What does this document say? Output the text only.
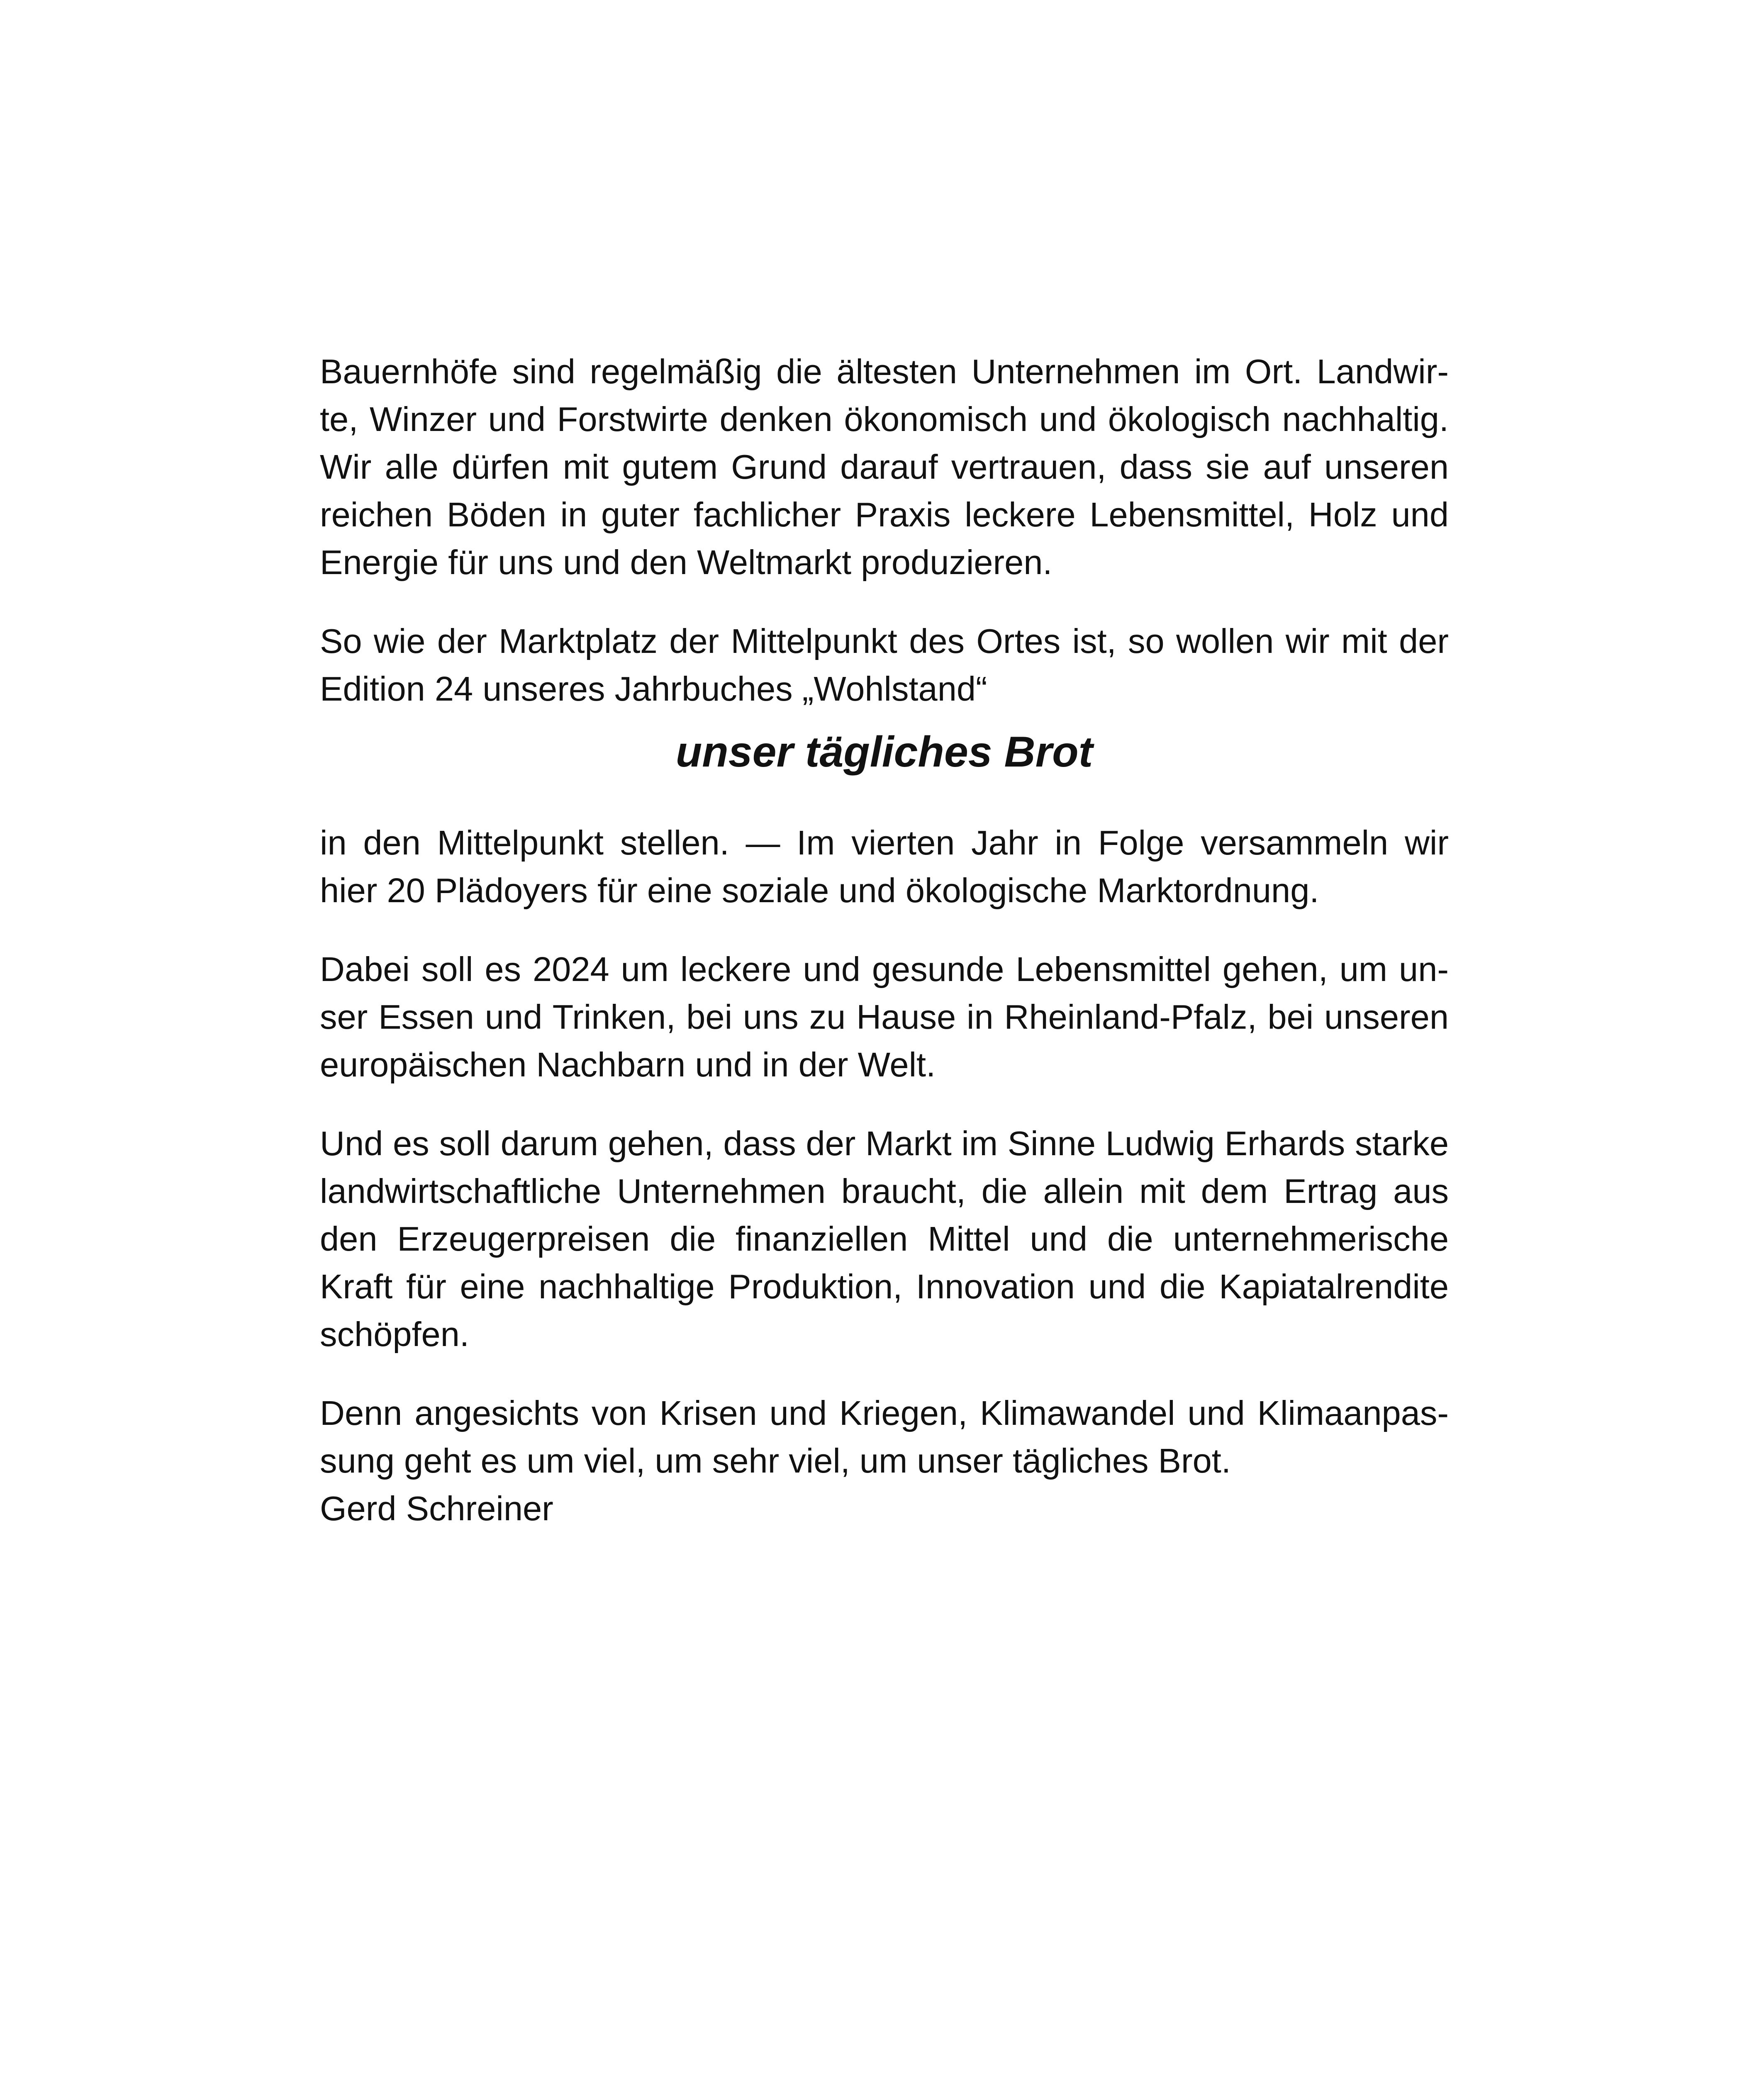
Bauernhöfe sind regelmäßig die ältesten Unternehmen im Ort. Landwir-
te, Winzer und Forstwirte denken ökonomisch und ökologisch nachhaltig.
Wir alle dürfen mit gutem Grund darauf vertrauen, dass sie auf unseren
reichen Böden in guter fachlicher Praxis leckere Lebensmittel, Holz und
Energie für uns und den Weltmarkt produzieren.

So wie der Marktplatz der Mittelpunkt des Ortes ist, so wollen wir mit der
Edition 24 unseres Jahrbuches „Wohlstand“

unser tägliches Brot

in den Mittelpunkt stellen. — Im vierten Jahr in Folge versammeln wir
hier 20 Plädoyers für eine soziale und ökologische Marktordnung.

Dabei soll es 2024 um leckere und gesunde Lebensmittel gehen, um un-
ser Essen und Trinken, bei uns zu Hause in Rheinland-Pfalz, bei unseren
europäischen Nachbarn und in der Welt.

Und es soll darum gehen, dass der Markt im Sinne Ludwig Erhards starke
landwirtschaftliche Unternehmen braucht, die allein mit dem Ertrag aus
den Erzeugerpreisen die finanziellen Mittel und die unternehmerische
Kraft für eine nachhaltige Produktion, Innovation und die Kapiatalrendite
schöpfen.

Denn angesichts von Krisen und Kriegen, Klimawandel und Klimaanpas-
sung geht es um viel, um sehr viel, um unser tägliches Brot.
Gerd Schreiner
